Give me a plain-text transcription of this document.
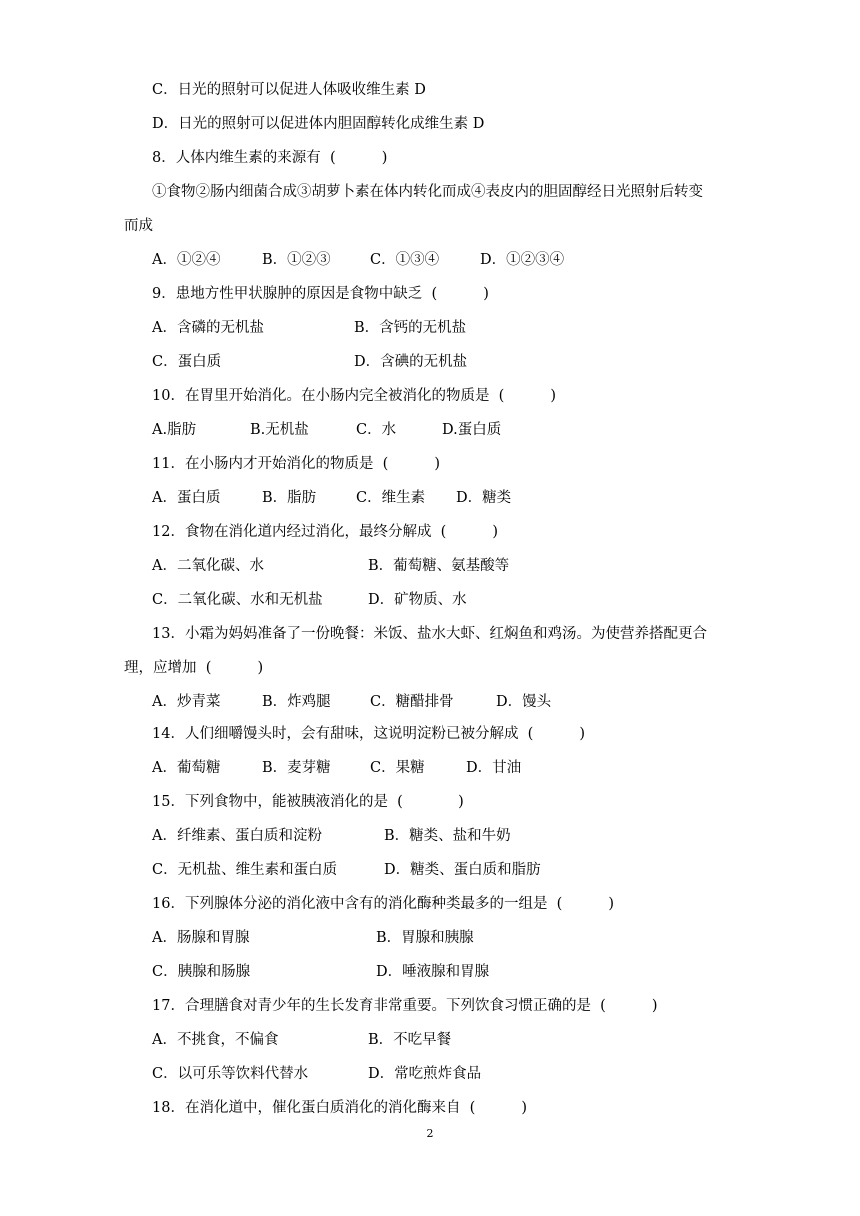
C．日光的照射可以促进人体吸收维生素 D
D．日光的照射可以促进体内胆固醇转化成维生素 D
8．人体内维生素的来源有  (          )
①食物②肠内细菌合成③胡萝卜素在体内转化而成④表皮内的胆固醇经日光照射后转变
而成
A．①②④	B．①②③	C．①③④	D．①②③④
9．患地方性甲状腺肿的原因是食物中缺乏  (          )
A．含磷的无机盐	B．含钙的无机盐
C．蛋白质	D．含碘的无机盐
10．在胃里开始消化。在小肠内完全被消化的物质是  (          )
A.脂肪	B.无机盐	C．水	D.蛋白质
11．在小肠内才开始消化的物质是  (          )
A．蛋白质	B．脂肪	C．维生素 D．糖类
12．食物在消化道内经过消化，最终分解成  (          )
A．二氧化碳、水	B．葡萄糖、氨基酸等
C．二氧化碳、水和无机盐	D．矿物质、水
13．小霜为妈妈准备了一份晚餐：米饭、盐水大虾、红焖鱼和鸡汤。为使营养搭配更合
理，应增加  (          )
A．炒青菜	B．炸鸡腿	C．糖醋排骨	D．馒头
14．人们细嚼馒头时，会有甜味，这说明淀粉已被分解成  (          )
A．葡萄糖	B．麦芽糖	C．果糖	D．甘油
15．下列食物中，能被胰液消化的是  (            )
A．纤维素、蛋白质和淀粉	B．糖类、盐和牛奶
C．无机盐、维生素和蛋白质	D．糖类、蛋白质和脂肪
16．下列腺体分泌的消化液中含有的消化酶种类最多的一组是  (          )
A．肠腺和胃腺	B．胃腺和胰腺
C．胰腺和肠腺	D．唾液腺和胃腺
17．合理膳食对青少年的生长发育非常重要。下列饮食习惯正确的是  (          )
A．不挑食，不偏食	B．不吃早餐
C．以可乐等饮料代替水	D．常吃煎炸食品
18．在消化道中，催化蛋白质消化的消化酶来自  (          )
2
